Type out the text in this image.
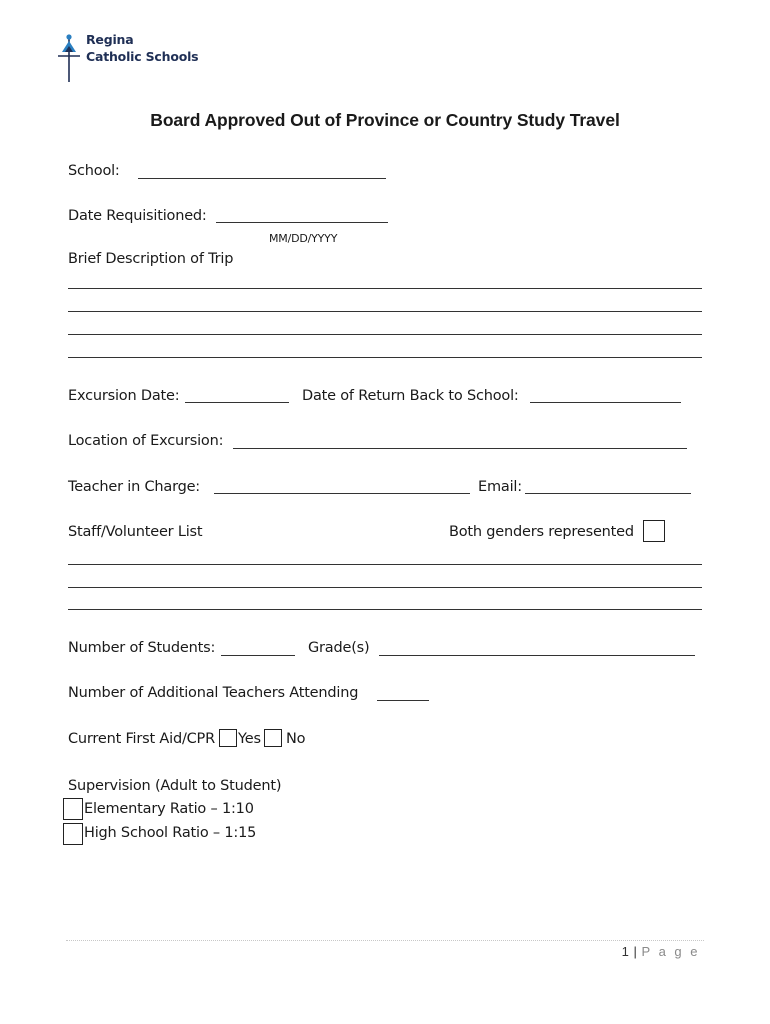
Regina
Catholic Schools
Board Approved Out of Province or Country Study Travel
School:
Date Requisitioned:
MM/DD/YYYY
Brief Description of Trip
Excursion Date:	Date of Return Back to School:
Location of Excursion:
Teacher in Charge:	Email:
Staff/Volunteer List	Both genders represented
Number of Students:	Grade(s)
Number of Additional Teachers Attending
Current First Aid/CPR Yes No
Supervision (Adult to Student)
Elementary Ratio – 1:10
High School Ratio – 1:15
1 | P a g e
